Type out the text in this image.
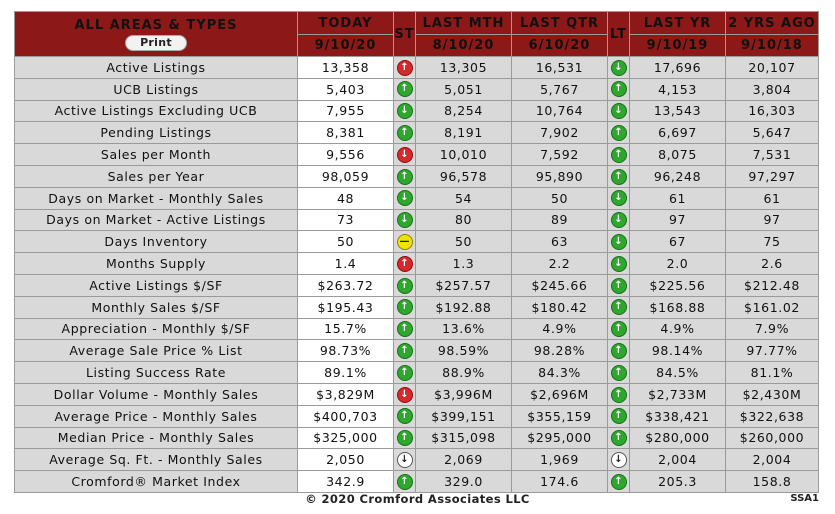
ALL AREAS & TYPES
Print	TODAY	ST	LAST MTH	LAST QTR	LT	LAST YR	2 YRS AGO
	9/10/20		8/10/20	6/10/20		9/10/19	9/10/18
Active Listings	13,358	↑	13,305	16,531	↓	17,696	20,107
UCB Listings	5,403	↑	5,051	5,767	↑	4,153	3,804
Active Listings Excluding UCB	7,955	↓	8,254	10,764	↓	13,543	16,303
Pending Listings	8,381	↑	8,191	7,902	↑	6,697	5,647
Sales per Month	9,556	↓	10,010	7,592	↑	8,075	7,531
Sales per Year	98,059	↑	96,578	95,890	↑	96,248	97,297
Days on Market - Monthly Sales	48	↓	54	50	↓	61	61
Days on Market - Active Listings	73	↓	80	89	↓	97	97
Days Inventory	50	—	50	63	↓	67	75
Months Supply	1.4	↑	1.3	2.2	↓	2.0	2.6
Active Listings $/SF	$263.72	↑	$257.57	$245.66	↑	$225.56	$212.48
Monthly Sales $/SF	$195.43	↑	$192.88	$180.42	↑	$168.88	$161.02
Appreciation - Monthly $/SF	15.7%	↑	13.6%	4.9%	↑	4.9%	7.9%
Average Sale Price % List	98.73%	↑	98.59%	98.28%	↑	98.14%	97.77%
Listing Success Rate	89.1%	↑	88.9%	84.3%	↑	84.5%	81.1%
Dollar Volume - Monthly Sales	$3,829M	↓	$3,996M	$2,696M	↑	$2,733M	$2,430M
Average Price - Monthly Sales	$400,703	↑	$399,151	$355,159	↑	$338,421	$322,638
Median Price - Monthly Sales	$325,000	↑	$315,098	$295,000	↑	$280,000	$260,000
Average Sq. Ft. - Monthly Sales	2,050	↓	2,069	1,969	↓	2,004	2,004
Cromford® Market Index	342.9	↑	329.0	174.6	↑	205.3	158.8
© 2020 Cromford Associates LLC	SSA1
